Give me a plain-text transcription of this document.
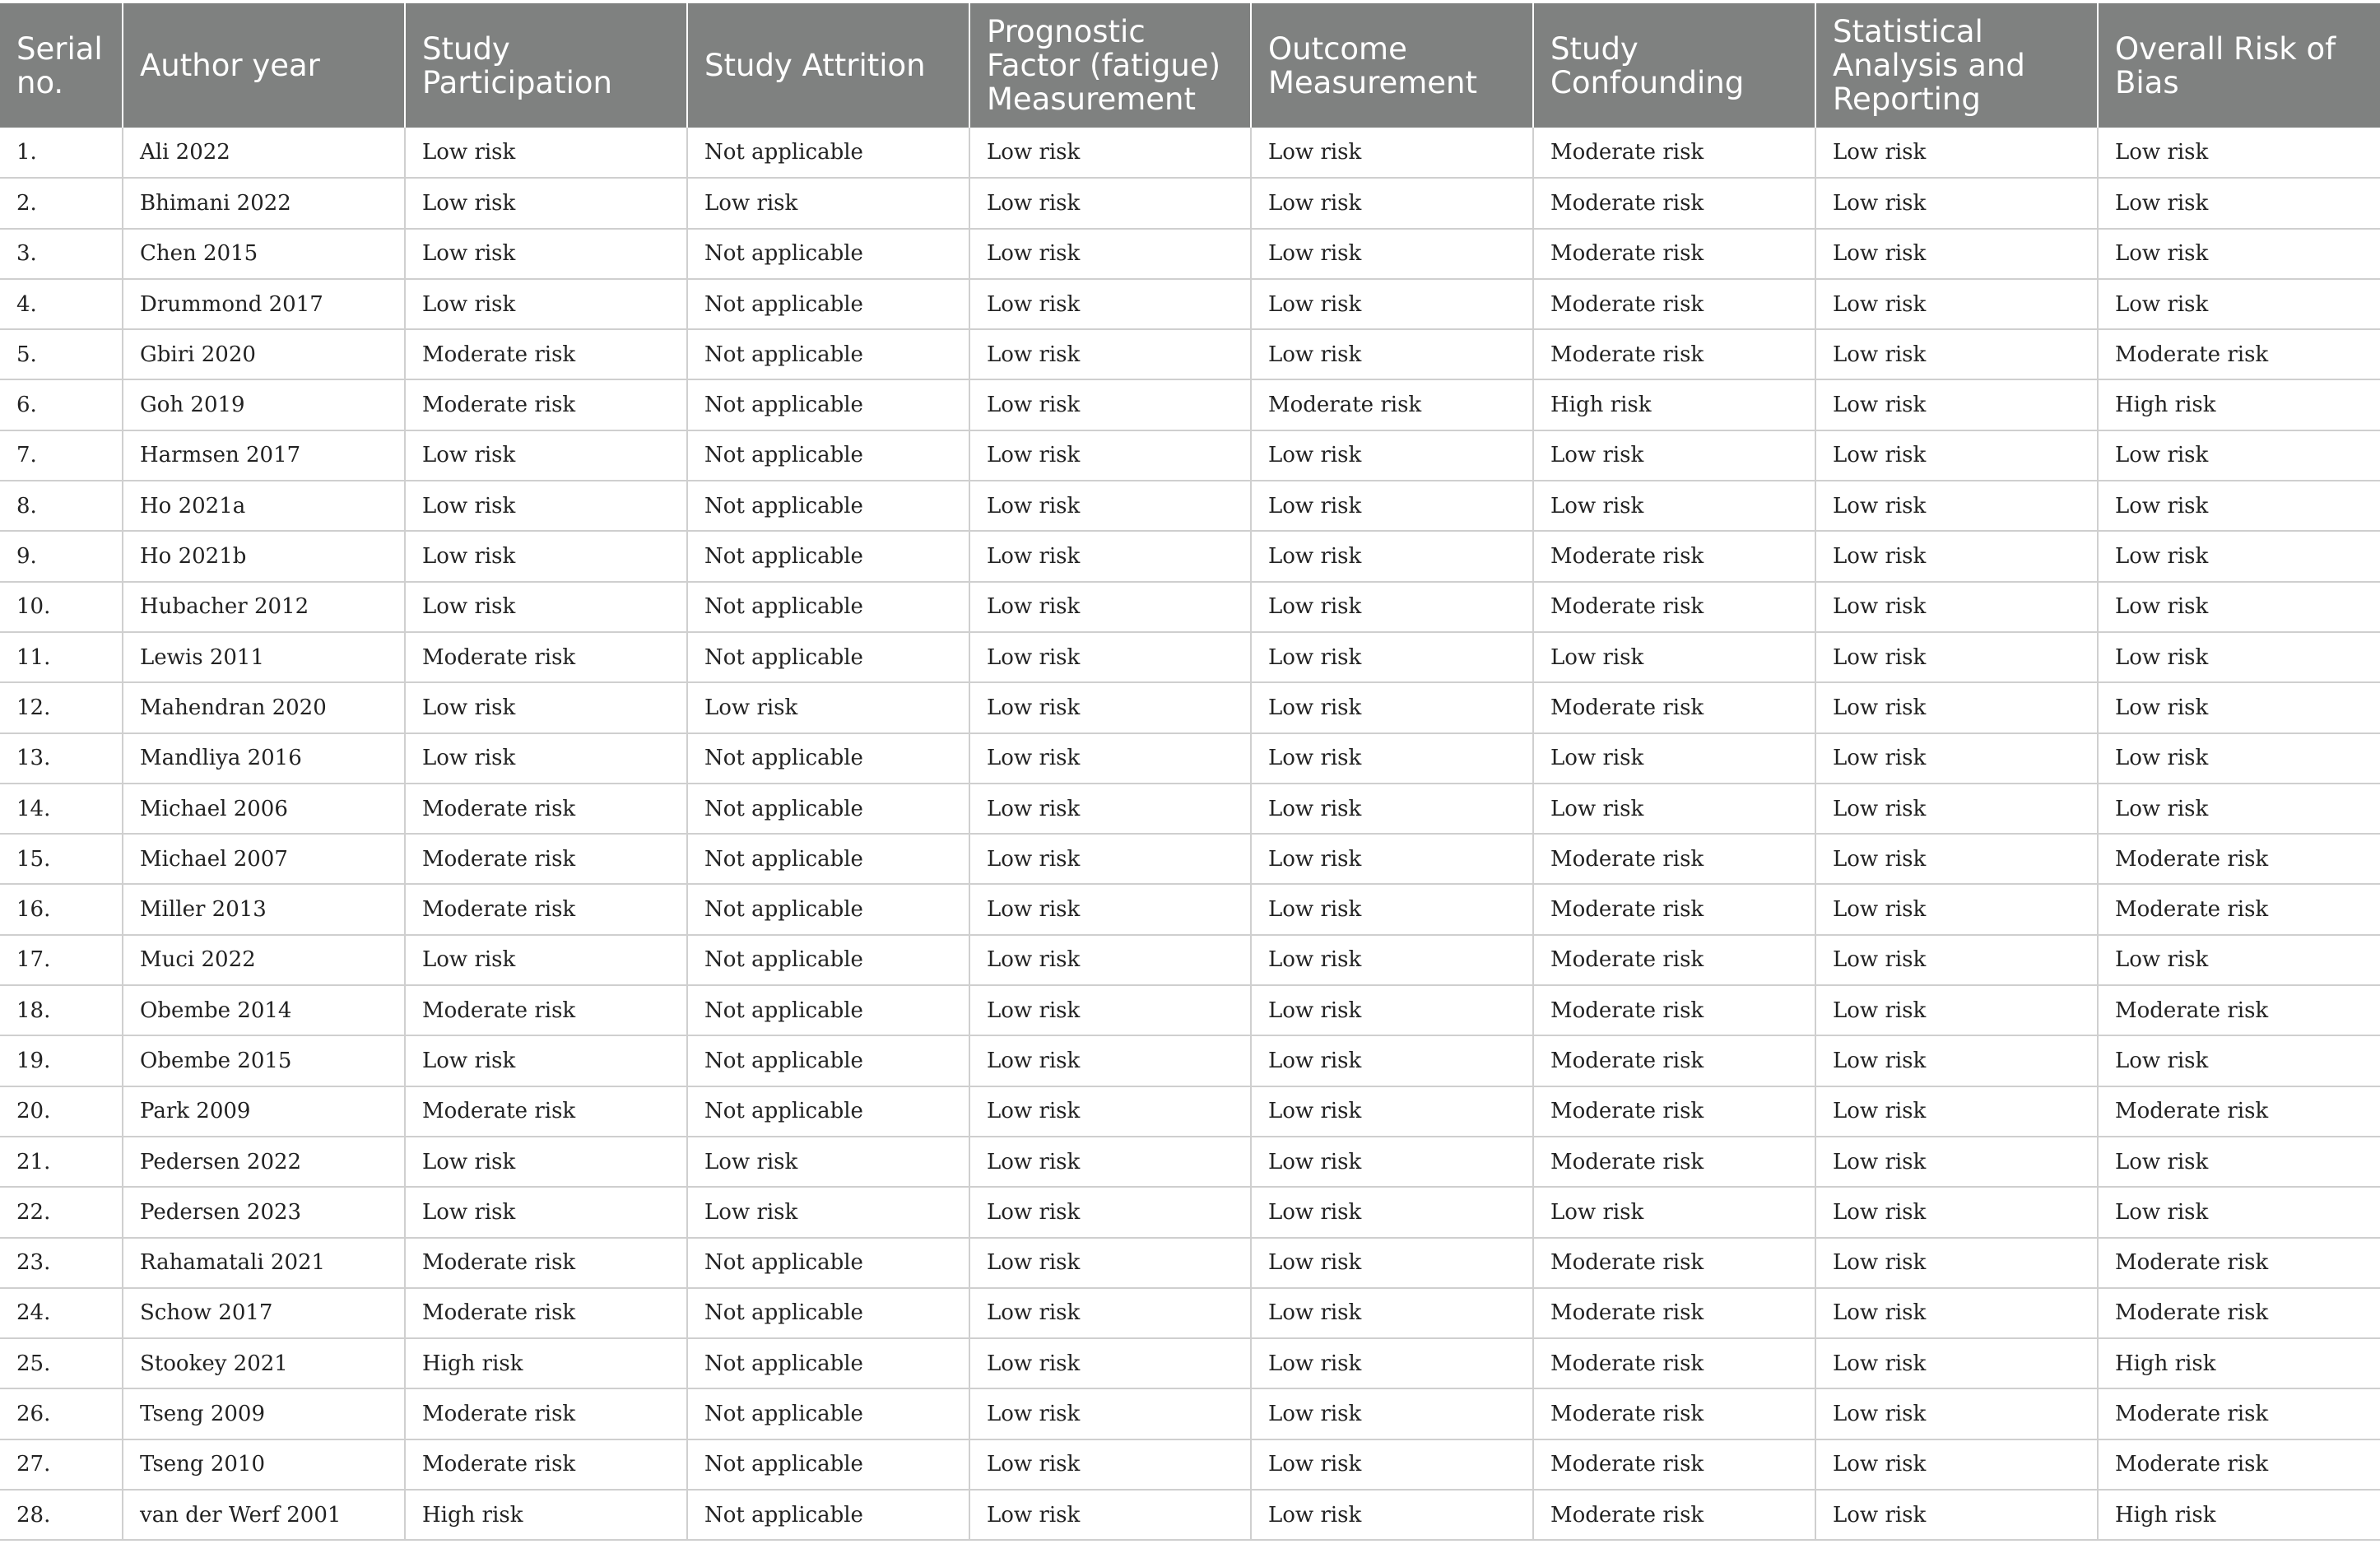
Serial no.	Author year	Study Participation	Study Attrition	Prognostic Factor (fatigue) Measurement	Outcome Measurement	Study Confounding	Statistical Analysis and Reporting	Overall Risk of Bias
1.	Ali 2022	Low risk	Not applicable	Low risk	Low risk	Moderate risk	Low risk	Low risk
2.	Bhimani 2022	Low risk	Low risk	Low risk	Low risk	Moderate risk	Low risk	Low risk
3.	Chen 2015	Low risk	Not applicable	Low risk	Low risk	Moderate risk	Low risk	Low risk
4.	Drummond 2017	Low risk	Not applicable	Low risk	Low risk	Moderate risk	Low risk	Low risk
5.	Gbiri 2020	Moderate risk	Not applicable	Low risk	Low risk	Moderate risk	Low risk	Moderate risk
6.	Goh 2019	Moderate risk	Not applicable	Low risk	Moderate risk	High risk	Low risk	High risk
7.	Harmsen 2017	Low risk	Not applicable	Low risk	Low risk	Low risk	Low risk	Low risk
8.	Ho 2021a	Low risk	Not applicable	Low risk	Low risk	Low risk	Low risk	Low risk
9.	Ho 2021b	Low risk	Not applicable	Low risk	Low risk	Moderate risk	Low risk	Low risk
10.	Hubacher 2012	Low risk	Not applicable	Low risk	Low risk	Moderate risk	Low risk	Low risk
11.	Lewis 2011	Moderate risk	Not applicable	Low risk	Low risk	Low risk	Low risk	Low risk
12.	Mahendran 2020	Low risk	Low risk	Low risk	Low risk	Moderate risk	Low risk	Low risk
13.	Mandliya 2016	Low risk	Not applicable	Low risk	Low risk	Low risk	Low risk	Low risk
14.	Michael 2006	Moderate risk	Not applicable	Low risk	Low risk	Low risk	Low risk	Low risk
15.	Michael 2007	Moderate risk	Not applicable	Low risk	Low risk	Moderate risk	Low risk	Moderate risk
16.	Miller 2013	Moderate risk	Not applicable	Low risk	Low risk	Moderate risk	Low risk	Moderate risk
17.	Muci 2022	Low risk	Not applicable	Low risk	Low risk	Moderate risk	Low risk	Low risk
18.	Obembe 2014	Moderate risk	Not applicable	Low risk	Low risk	Moderate risk	Low risk	Moderate risk
19.	Obembe 2015	Low risk	Not applicable	Low risk	Low risk	Moderate risk	Low risk	Low risk
20.	Park 2009	Moderate risk	Not applicable	Low risk	Low risk	Moderate risk	Low risk	Moderate risk
21.	Pedersen 2022	Low risk	Low risk	Low risk	Low risk	Moderate risk	Low risk	Low risk
22.	Pedersen 2023	Low risk	Low risk	Low risk	Low risk	Low risk	Low risk	Low risk
23.	Rahamatali 2021	Moderate risk	Not applicable	Low risk	Low risk	Moderate risk	Low risk	Moderate risk
24.	Schow 2017	Moderate risk	Not applicable	Low risk	Low risk	Moderate risk	Low risk	Moderate risk
25.	Stookey 2021	High risk	Not applicable	Low risk	Low risk	Moderate risk	Low risk	High risk
26.	Tseng 2009	Moderate risk	Not applicable	Low risk	Low risk	Moderate risk	Low risk	Moderate risk
27.	Tseng 2010	Moderate risk	Not applicable	Low risk	Low risk	Moderate risk	Low risk	Moderate risk
28.	van der Werf 2001	High risk	Not applicable	Low risk	Low risk	Moderate risk	Low risk	High risk
